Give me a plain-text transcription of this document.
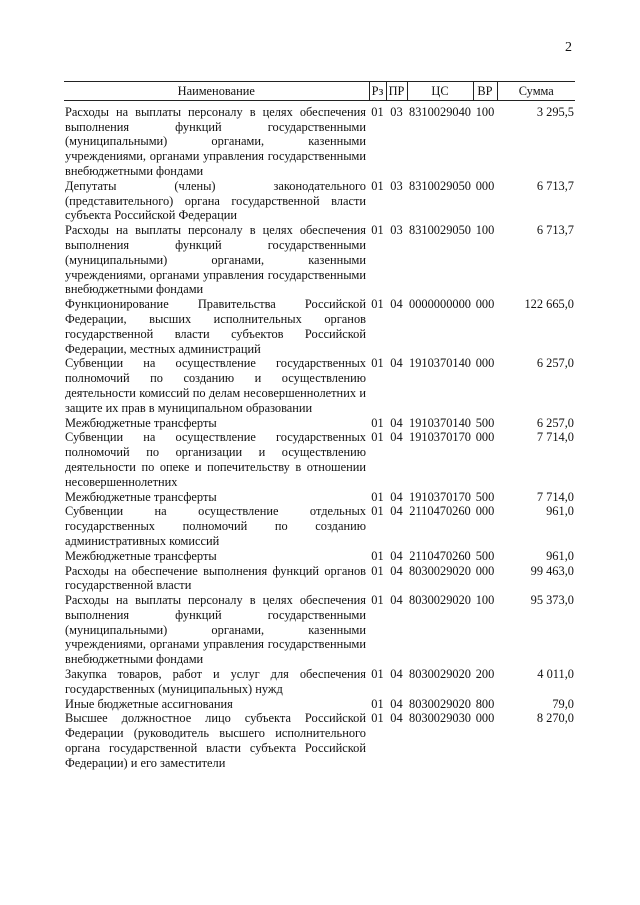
2
Наименование	Рз	ПР	ЦС	ВР	Сумма
Расходы на выплаты персоналу в целях обеспечения выполнения функций государственными (муниципальными) органами, казенными учреждениями, органами управления государственными внебюджетными фондами	01	03	8310029040	100	3 295,5
Депутаты (члены) законодательного (представительного) органа государственной власти субъекта Российской Федерации	01	03	8310029050	000	6 713,7
Расходы на выплаты персоналу в целях обеспечения выполнения функций государственными (муниципальными) органами, казенными учреждениями, органами управления государственными внебюджетными фондами	01	03	8310029050	100	6 713,7
Функционирование Правительства Российской Федерации, высших исполнительных органов государственной власти субъектов Российской Федерации, местных администраций	01	04	0000000000	000	122 665,0
Субвенции на осуществление государственных полномочий по созданию и осуществлению деятельности комиссий по делам несовершеннолетних и защите их прав в муниципальном образовании	01	04	1910370140	000	6 257,0
Межбюджетные трансферты	01	04	1910370140	500	6 257,0
Субвенции на осуществление государственных полномочий по организации и осуществлению деятельности по опеке и попечительству в отношении несовершеннолетних	01	04	1910370170	000	7 714,0
Межбюджетные трансферты	01	04	1910370170	500	7 714,0
Субвенции на осуществление отдельных государственных полномочий по созданию административных комиссий	01	04	2110470260	000	961,0
Межбюджетные трансферты	01	04	2110470260	500	961,0
Расходы на обеспечение выполнения функций органов государственной власти	01	04	8030029020	000	99 463,0
Расходы на выплаты персоналу в целях обеспечения выполнения функций государственными (муниципальными) органами, казенными учреждениями, органами управления государственными внебюджетными фондами	01	04	8030029020	100	95 373,0
Закупка товаров, работ и услуг для обеспечения государственных (муниципальных) нужд	01	04	8030029020	200	4 011,0
Иные бюджетные ассигнования	01	04	8030029020	800	79,0
Высшее должностное лицо субъекта Российской Федерации (руководитель высшего исполнительного органа государственной власти субъекта Российской Федерации) и его заместители	01	04	8030029030	000	8 270,0
